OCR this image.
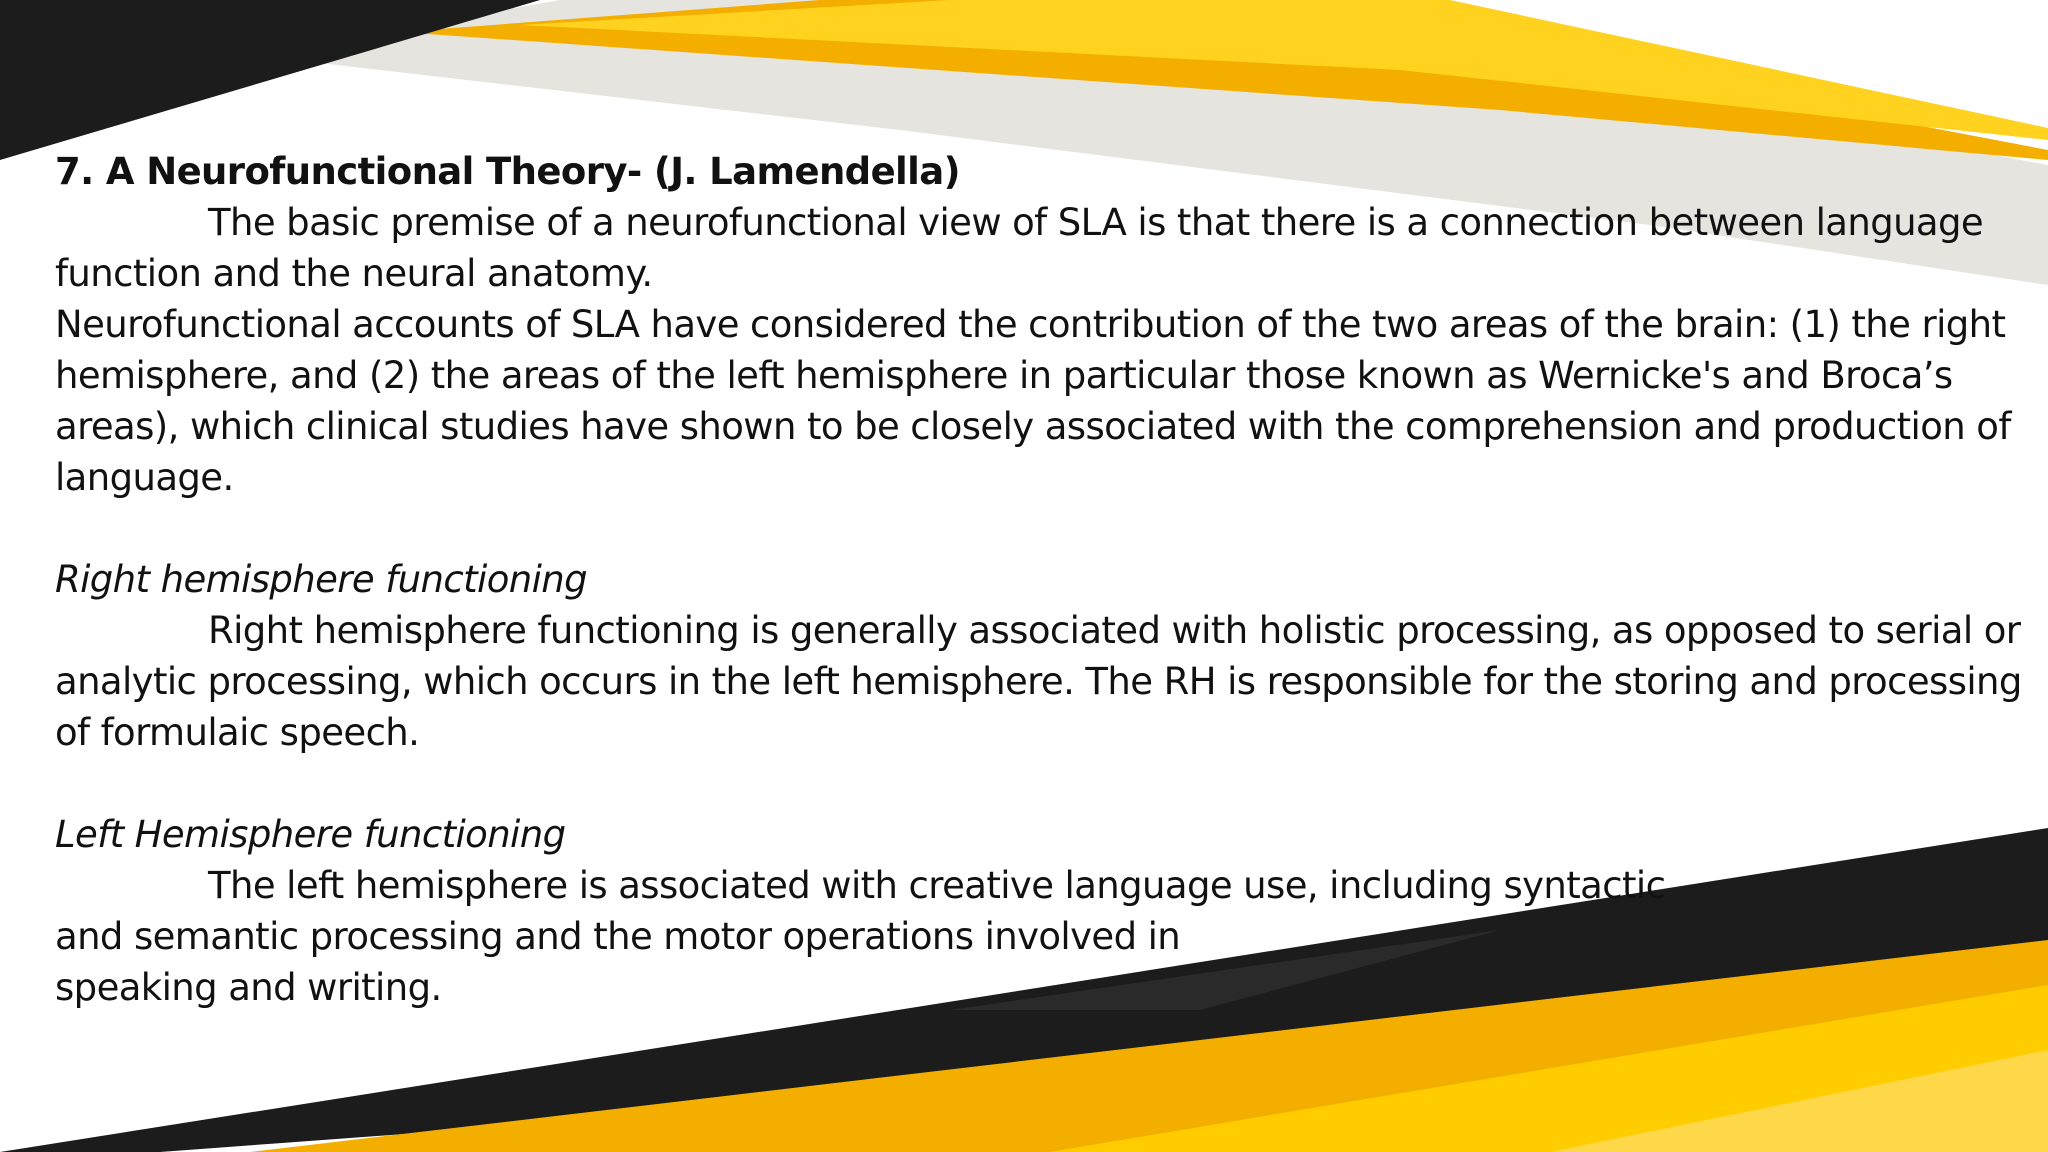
7. A Neurofunctional Theory- (J. Lamendella)
The basic premise of a neurofunctional view of SLA is that there is a connection between language
function and the neural anatomy.
Neurofunctional accounts of SLA have considered the contribution of the two areas of the brain: (1) the right
hemisphere, and (2) the areas of the left hemisphere in particular those known as Wernicke's and Broca’s
areas), which clinical studies have shown to be closely associated with the comprehension and production of
language.
Right hemisphere functioning
Right hemisphere functioning is generally associated with holistic processing, as opposed to serial or
analytic processing, which occurs in the left hemisphere. The RH is responsible for the storing and processing
of formulaic speech.
Left Hemisphere functioning
The left hemisphere is associated with creative language use, including syntactic
and semantic processing and the motor operations involved in
speaking and writing.
